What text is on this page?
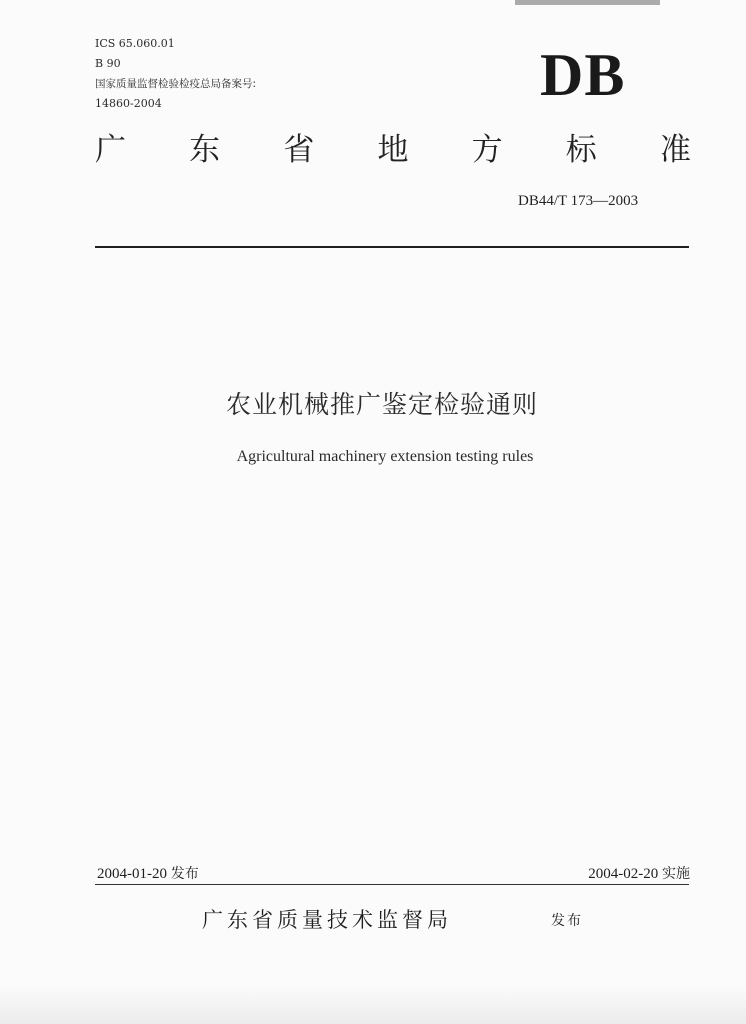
ICS 65.060.01
B 90
国家质量监督检验检疫总局备案号:
14860-2004	DB
广 东 省 地 方 标 准
DB44/T 173—2003
农业机械推广鉴定检验通则
Agricultural machinery extension testing rules
2004-01-20 发布	2004-02-20 实施
广东省质量技术监督局	发布
